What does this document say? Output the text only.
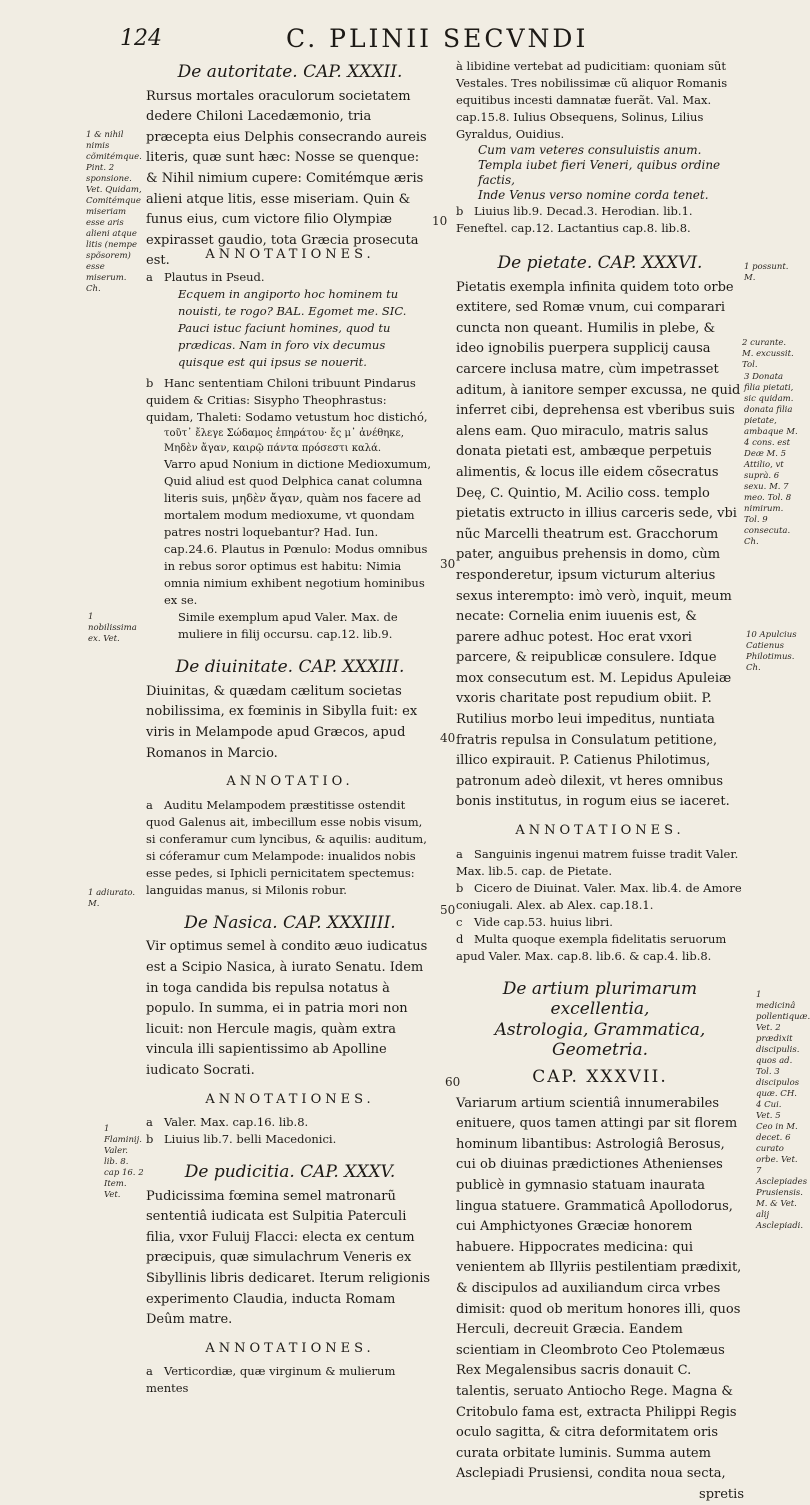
124	C. PLINII SECVNDI
10
30
40
50
60
1 & nihil nimis cõmitémque. Pint. 2 sponsione. Vet. Quidam, Comitémque miseriam esse aris alieni atque litis (nempe spõsorem) esse miserum. Ch.
1 nobilissima ex. Vet.
1 adiurato. M.
1 Flaminij. Valer. lib. 8. cap 16. 2 Item. Vet.
1 possunt. M.
2 curante. M. excussit. Tol.
3 Donata filia pietati, sic quidam. donata filia pietate, ambaque M. 4 cons. est Deæ M. 5 Attilio, vt suprà. 6 sexu. M. 7 meo. Tol. 8 nimirum. Tol. 9 consecuta. Ch.
10 Apulcius Catienus Philotimus. Ch.
1 medicinâ pollentiquæ. Vet. 2 prædixit discipulis. quos ad. Tol. 3 discipulos quæ. CH. 4 Cui. Vet. 5 Ceo in M. decet. 6 curato orbe. Vet. 7 Asclepiades Prusiensis. M. & Vet. alij Asclepiadi.
De autoritate. CAP. XXXII.

Rursus mortales oraculorum societatem dedere Chiloni Lacedæmonio, tria præcepta eius Delphis consecrando aureis literis, quæ sunt hæc: Nosse se quenque: & Nihil nimium cupere: Comitémque æris alieni atque litis, esse miseriam. Quin & funus eius, cum victore filio Olympiæ expirasset gaudio, tota Græcia prosecuta est.	ANNOTATIONES.
a Plautus in Pseud.
Ecquem in angiporto hoc hominem tu nouisti, te rogo? BAL. Egomet me. SIC. Pauci istuc faciunt homines, quod tu prædicas. Nam in foro vix decumus quisque est qui ipsus se nouerit.
b Hanc sententiam Chiloni tribuunt Pindarus quidem & Critias: Sisypho Theophrastus: quidam, Thaleti: Sodamo vetustum hoc distichó,
τοῦτ᾽ ἔλεγε Σώδαμος ἐπηράτου· ἔς μ᾽ ἀνέθηκε, Μηδὲν ἄγαν, καιρῷ πάντα πρόσεστι καλά.
Varro apud Nonium in dictione Medioxumum, Quid aliud est quod Delphica canat columna literis suis, μηδὲν ἄγαν, quàm nos facere ad mortalem modum medioxume, vt quondam patres nostri loquebantur? Had. Iun. cap.24.6. Plautus in Pœnulo: Modus omnibus in rebus soror optimus est habitu: Nimia omnia nimium exhibent negotium hominibus ex se.
Simile exemplum apud Valer. Max. de muliere in filij occursu. cap.12. lib.9.
De diuinitate. CAP. XXXIII.

Diuinitas, & quædam cælitum societas nobilissima, ex fœminis in Sibylla fuit: ex viris in Melampode apud Græcos, apud Romanos in Marcio.

ANNOTATIO.
a Auditu Melampodem præstitisse ostendit quod Galenus ait, imbecillum esse nobis visum, si conferamur cum lyncibus, & aquilis: auditum, si cóferamur cum Melampode: inualidos nobis esse pedes, si Iphicli pernicitatem spectemus: languidas manus, si Milonis robur.
De Nasica. CAP. XXXIIII.

Vir optimus semel à condito æuo iudicatus est a Scipio Nasica, à iurato Senatu. Idem in toga candida bis repulsa notatus à populo. In summa, ei in patria mori non licuit: non Hercule magis, quàm extra vincula illi sapientissimo ab Apolline iudicato Socrati.

ANNOTATIONES.
a Valer. Max. cap.16. lib.8.
b Liuius lib.7. belli Macedonici.
De pudicitia. CAP. XXXV.

Pudicissima fœmina semel matronarũ sententiâ iudicata est Sulpitia Paterculi filia, vxor Fuluij Flacci: electa ex centum præcipuis, quæ simulachrum Veneris ex Sibyllinis libris dedicaret. Iterum religionis experimento Claudia, inducta Romam Deûm matre.

ANNOTATIONES.
a Verticordiæ, quæ virginum & mulierum mentes
à libidine vertebat ad pudicitiam: quoniam sũt Vestales. Tres nobilissimæ cũ aliquor Romanis equitibus incesti damnatæ fuerãt. Val. Max. cap.15.8. Iulius Obsequens, Solinus, Lilius Gyraldus, Ouidius.
Cum vam veteres consuluistis anum.
Templa iubet fieri Veneri, quibus ordine factis,
Inde Venus verso nomine corda tenet.
b Liuius lib.9. Decad.3. Herodian. lib.1. Feneftel. cap.12. Lactantius cap.8. lib.8.
De pietate. CAP. XXXVI.

Pietatis exempla infinita quidem toto orbe extitere, sed Romæ vnum, cui comparari cuncta non queant. Humilis in plebe, & ideo ignobilis puerpera supplicij causa carcere inclusa matre, cùm impetrasset aditum, à ianitore semper excussa, ne quid inferret cibi, deprehensa est vberibus suis alens eam. Quo miraculo, matris salus donata pietati est, ambæque perpetuis alimentis, & locus ille eidem cõsecratus Deę, C. Quintio, M. Acilio coss. templo pietatis extructo in illius carceris sede, vbi nũc Marcelli theatrum est. Gracchorum pater, anguibus prehensis in domo, cùm responderetur, ipsum victurum alterius sexus interempto: imò verò, inquit, meum necate: Cornelia enim iuuenis est, & parere adhuc potest. Hoc erat vxori parcere, & reipublicæ consulere. Idque mox consecutum est. M. Lepidus Apuleiæ vxoris charitate post repudium obiit. P. Rutilius morbo leui impeditus, nuntiata fratris repulsa in Consulatum petitione, illico expirauit. P. Catienus Philotimus, patronum adeò dilexit, vt heres omnibus bonis institutus, in rogum eius se iaceret.

ANNOTATIONES.
a Sanguinis ingenui matrem fuisse tradit Valer. Max. lib.5. cap. de Pietate.
b Cicero de Diuinat. Valer. Max. lib.4. de Amore coniugali. Alex. ab Alex. cap.18.1.
c Vide cap.53. huius libri.
d Multa quoque exempla fidelitatis seruorum apud Valer. Max. cap.8. lib.6. & cap.4. lib.8.
De artium plurimarum excellentia,
Astrologia, Grammatica,
Geometria.
CAP. XXXVII.

Variarum artium scientiâ innumerabiles enituere, quos tamen attingi par sit florem hominum libantibus: Astrologiâ Berosus, cui ob diuinas prædictiones Athenienses publicè in gymnasio statuam inaurata lingua statuere. Grammaticâ Apollodorus, cui Amphictyones Græciæ honorem habuere. Hippocrates medicina: qui venientem ab Illyriis pestilentiam prædixit, & discipulos ad auxiliandum circa vrbes dimisit: quod ob meritum honores illi, quos Herculi, decreuit Græcia. Eandem scientiam in Cleombroto Ceo Ptolemæus Rex Megalensibus sacris donauit C. talentis, seruato Antiocho Rege. Magna & Critobulo fama est, extracta Philippi Regis oculo sagitta, & citra deformitatem oris curata orbitate luminis. Summa autem Asclepiadi Prusiensi, condita noua secta,

spretis
